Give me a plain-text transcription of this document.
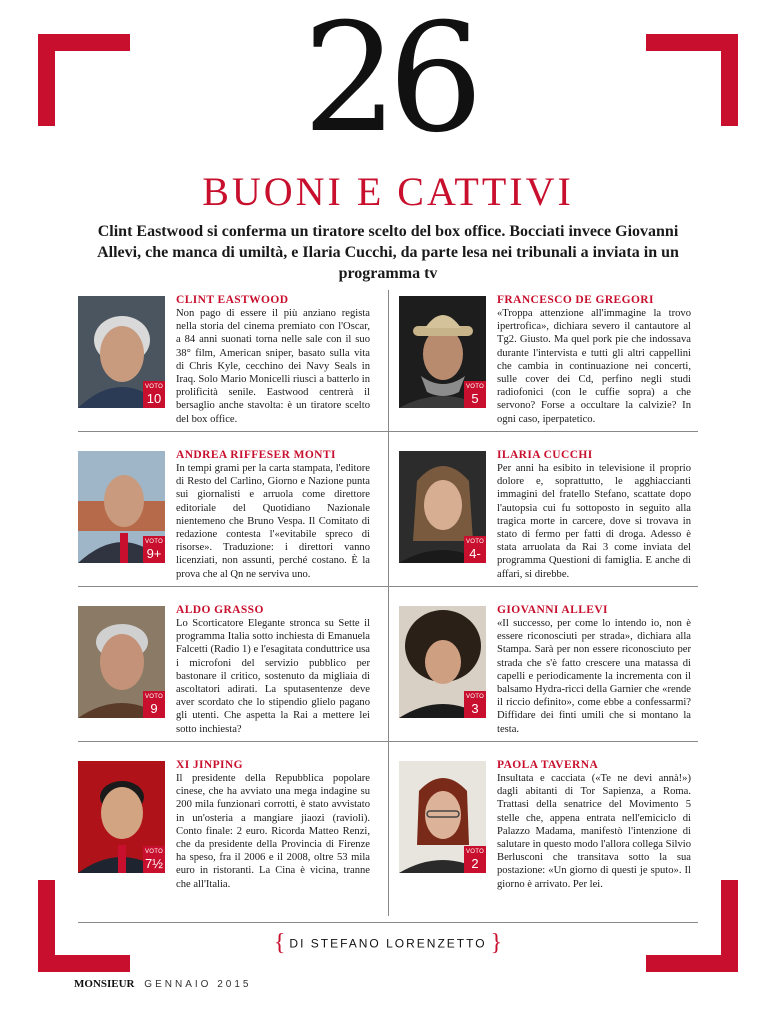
26
BUONI E CATTIVI
Clint Eastwood si conferma un tiratore scelto del box office. Bocciati invece Giovanni Allevi, che manca di umiltà, e Ilaria Cucchi, da parte lesa nei tribunali a inviata in un programma tv
VOTO
10

CLINT EASTWOOD

Non pago di essere il più anziano regista nella storia del cinema premiato con l'Oscar, a 84 anni suonati torna nelle sale con il suo 38° film, American sniper, basato sulla vita di Chris Kyle, cecchino dei Navy Seals in Iraq. Solo Mario Monicelli riuscì a batterlo in prolificità senile. Eastwood centrerà il bersaglio anche stavolta: è un tiratore scelto del box office.

VOTO
5

FRANCESCO DE GREGORI

«Troppa attenzione all'immagine la trovo ipertrofica», dichiara severo il cantautore al Tg2. Giusto. Ma quel pork pie che indossava durante l'intervista e tutti gli altri cappellini che cambia in continuazione nei concerti, sulle cover dei Cd, perfino negli studi radiofonici (con le cuffie sopra) a che servono? Forse a occultare la calvizie? In ogni caso, iperpatetico.

VOTO
9+

ANDREA RIFFESER MONTI

In tempi grami per la carta stampata, l'editore di Resto del Carlino, Giorno e Nazione punta sui giornalisti e arruola come direttore editoriale del Quotidiano Nazionale nientemeno che Bruno Vespa. Il Comitato di redazione contesta l'«evitabile spreco di risorse». Traduzione: i direttori vanno licenziati, non assunti, perché costano. È la prova che al Qn ne serviva uno.

VOTO
4-

ILARIA CUCCHI

Per anni ha esibito in televisione il proprio dolore e, soprattutto, le agghiaccianti immagini del fratello Stefano, scattate dopo l'autopsia cui fu sottoposto in seguito alla tragica morte in carcere, dove si trovava in stato di fermo per fatti di droga. Adesso è stata arruolata da Rai 3 come inviata del programma Questioni di famiglia. E anche di affari, si direbbe.

VOTO
9

ALDO GRASSO

Lo Scorticatore Elegante stronca su Sette il programma Italia sotto inchiesta di Emanuela Falcetti (Radio 1) e l'esagitata conduttrice usa i microfoni del servizio pubblico per bastonare il critico, sostenuto da migliaia di ascoltatori adirati. La sputasentenze deve aver scordato che lo stipendio glielo pagano gli utenti. Che aspetta la Rai a mettere lei sotto inchiesta?

VOTO
3

GIOVANNI ALLEVI

«Il successo, per come lo intendo io, non è essere riconosciuti per strada», dichiara alla Stampa. Sarà per non essere riconosciuto per strada che s'è fatto crescere una matassa di capelli e periodicamente la incrementa con il balsamo Hydra-ricci della Garnier che «rende il riccio definito», come ebbe a confessarmi? Diffidare dei finti umili che si montano la testa.

VOTO
7½

XI JINPING

Il presidente della Repubblica popolare cinese, che ha avviato una mega indagine su 200 mila funzionari corrotti, è stato avvistato in un'osteria a mangiare jiaozi (ravioli). Conto finale: 2 euro. Ricorda Matteo Renzi, che da presidente della Provincia di Firenze ha speso, fra il 2006 e il 2008, oltre 53 mila euro in ristoranti. La Cina è vicina, tranne che all'Italia.

VOTO
2

PAOLA TAVERNA

Insultata e cacciata («Te ne devi annà!») dagli abitanti di Tor Sapienza, a Roma. Trattasi della senatrice del Movimento 5 stelle che, appena entrata nell'emiciclo di Palazzo Madama, manifestò l'intenzione di salutare in questo modo l'allora collega Silvio Berlusconi che transitava sotto la sua postazione: «Un giorno di questi je sputo». Il giorno è arrivato. Per lei.

{ DI STEFANO LORENZETTO }
MONSIEUR GENNAIO 2015
